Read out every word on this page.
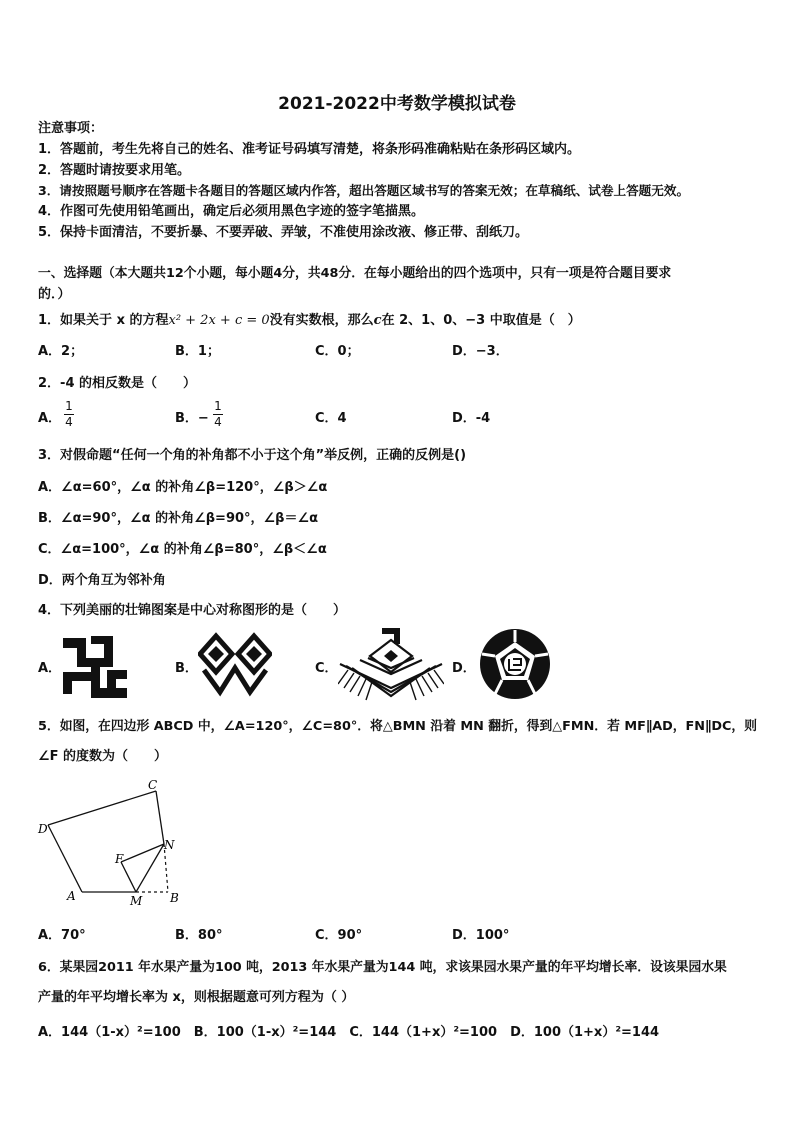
2021-2022中考数学模拟试卷
注意事项：
1．答题前，考生先将自己的姓名、准考证号码填写清楚，将条形码准确粘贴在条形码区域内。
2．答题时请按要求用笔。
3．请按照题号顺序在答题卡各题目的答题区域内作答，超出答题区域书写的答案无效；在草稿纸、试卷上答题无效。
4．作图可先使用铅笔画出，确定后必须用黑色字迹的签字笔描黑。
5．保持卡面清洁，不要折暴、不要弄破、弄皱，不准使用涂改液、修正带、刮纸刀。
一、选择题（本大题共12个小题，每小题4分，共48分．在每小题给出的四个选项中，只有一项是符合题目要求
的．）
1．如果关于 x 的方程x² + 2x + c = 0没有实数根，那么c在 2、1、0、−3 中取值是（　）
A．2；	B．1；	C．0；	D．−3．
2．-4 的相反数是（　　）
A．
1
4	B．−
1
4	C．4	D．-4
3．对假命题“任何一个角的补角都不小于这个角”举反例，正确的反例是()
A．∠α=60°，∠α 的补角∠β=120°，∠β＞∠α
B．∠α=90°，∠α 的补角∠β=90°，∠β＝∠α
C．∠α=100°，∠α 的补角∠β=80°，∠β＜∠α
D．两个角互为邻补角
4．下列美丽的壮锦图案是中心对称图形的是（　　）
A．	B．	C．	D．
5．如图，在四边形 ABCD 中，∠A=120°，∠C=80°．将△BMN 沿着 MN 翻折，得到△FMN．若 MF∥AD，FN∥DC，则
∠F 的度数为（　　）
C
D
F
N
A	M B
A．70°	B．80°	C．90°	D．100°
6．某果园2011 年水果产量为100 吨，2013 年水果产量为144 吨，求该果园水果产量的年平均增长率．设该果园水果
产量的年平均增长率为 x，则根据题意可列方程为（ ）
A．144（1-x）²=100　B．100（1-x）²=144　C．144（1+x）²=100　D．100（1+x）²=144
